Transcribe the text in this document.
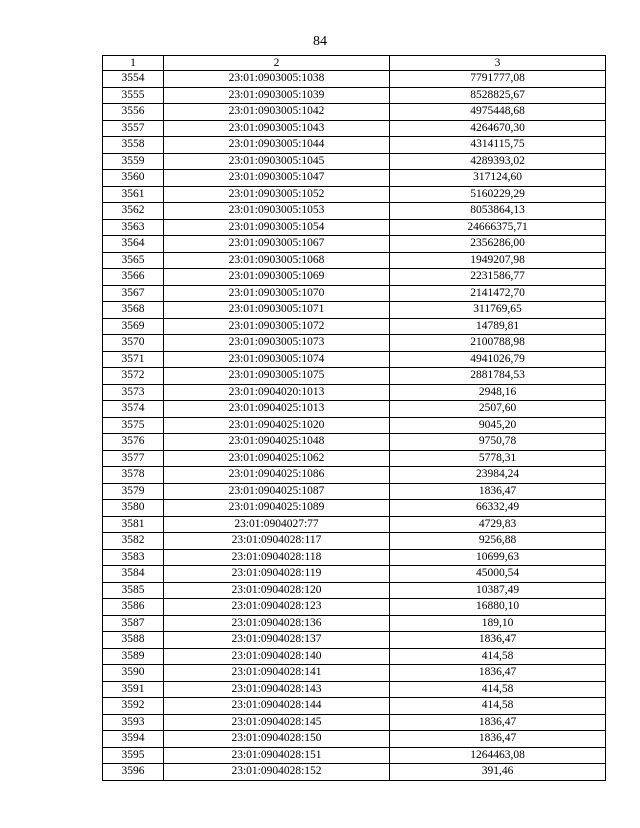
84
1	2	3
3554	23:01:0903005:1038	7791777,08
3555	23:01:0903005:1039	8528825,67
3556	23:01:0903005:1042	4975448,68
3557	23:01:0903005:1043	4264670,30
3558	23:01:0903005:1044	4314115,75
3559	23:01:0903005:1045	4289393,02
3560	23:01:0903005:1047	317124,60
3561	23:01:0903005:1052	5160229,29
3562	23:01:0903005:1053	8053864,13
3563	23:01:0903005:1054	24666375,71
3564	23:01:0903005:1067	2356286,00
3565	23:01:0903005:1068	1949207,98
3566	23:01:0903005:1069	2231586,77
3567	23:01:0903005:1070	2141472,70
3568	23:01:0903005:1071	311769,65
3569	23:01:0903005:1072	14789,81
3570	23:01:0903005:1073	2100788,98
3571	23:01:0903005:1074	4941026,79
3572	23:01:0903005:1075	2881784,53
3573	23:01:0904020:1013	2948,16
3574	23:01:0904025:1013	2507,60
3575	23:01:0904025:1020	9045,20
3576	23:01:0904025:1048	9750,78
3577	23:01:0904025:1062	5778,31
3578	23:01:0904025:1086	23984,24
3579	23:01:0904025:1087	1836,47
3580	23:01:0904025:1089	66332,49
3581	23:01:0904027:77	4729,83
3582	23:01:0904028:117	9256,88
3583	23:01:0904028:118	10699,63
3584	23:01:0904028:119	45000,54
3585	23:01:0904028:120	10387,49
3586	23:01:0904028:123	16880,10
3587	23:01:0904028:136	189,10
3588	23:01:0904028:137	1836,47
3589	23:01:0904028:140	414,58
3590	23:01:0904028:141	1836,47
3591	23:01:0904028:143	414,58
3592	23:01:0904028:144	414,58
3593	23:01:0904028:145	1836,47
3594	23:01:0904028:150	1836,47
3595	23:01:0904028:151	1264463,08
3596	23:01:0904028:152	391,46
